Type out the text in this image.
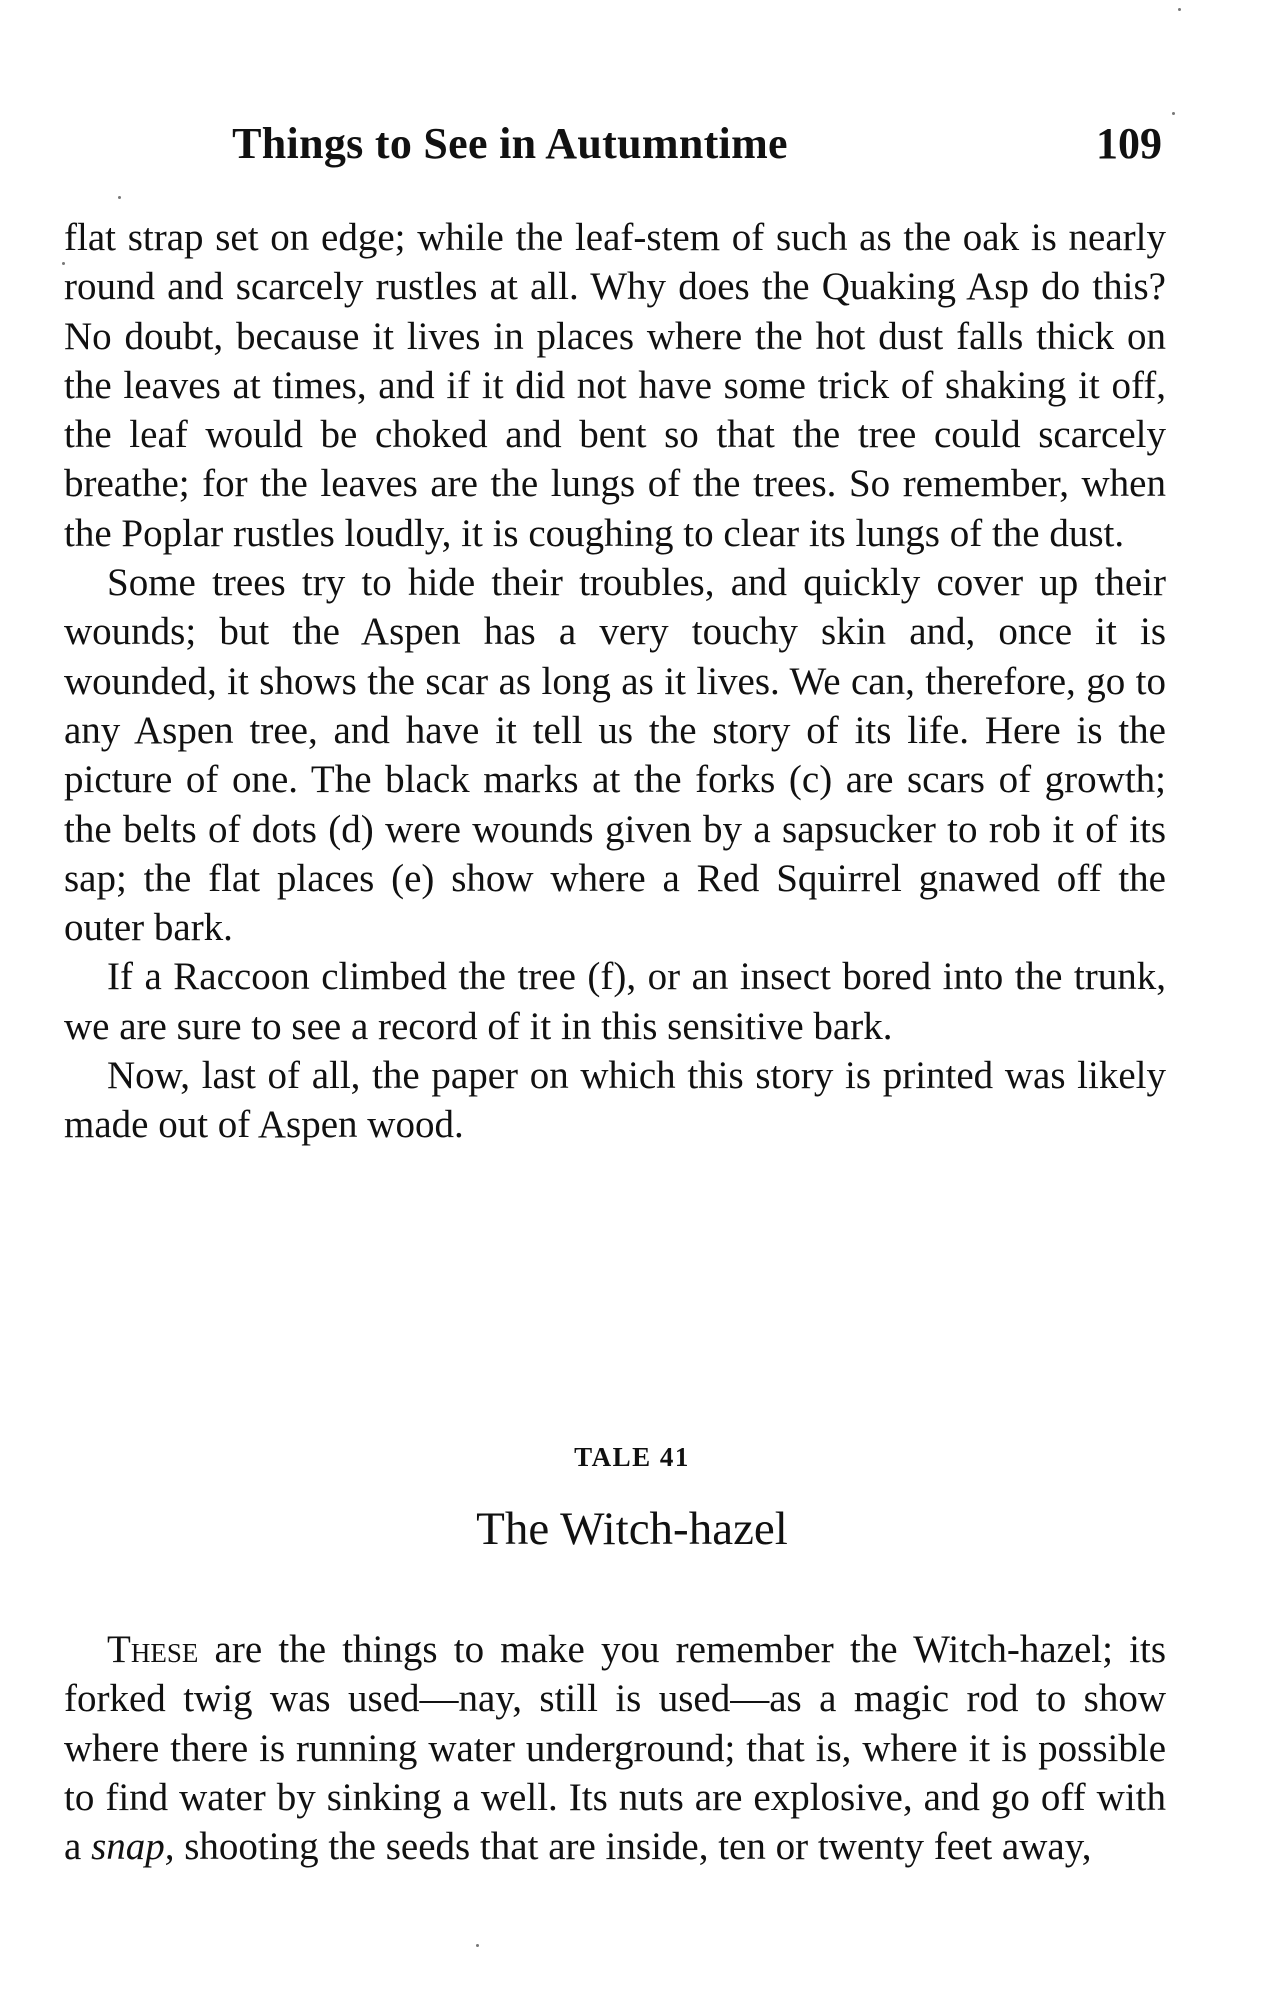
Things to See in Autumntime	109

flat strap set on edge; while the leaf-stem of such as the oak is nearly round and scarcely rustles at all. Why does the Quaking Asp do this? No doubt, because it lives in places where the hot dust falls thick on the leaves at times, and if it did not have some trick of shaking it off, the leaf would be choked and bent so that the tree could scarcely breathe; for the leaves are the lungs of the trees. So remember, when the Poplar rustles loudly, it is coughing to clear its lungs of the dust.

Some trees try to hide their troubles, and quickly cover up their wounds; but the Aspen has a very touchy skin and, once it is wounded, it shows the scar as long as it lives. We can, therefore, go to any Aspen tree, and have it tell us the story of its life. Here is the picture of one. The black marks at the forks (c) are scars of growth; the belts of dots (d) were wounds given by a sapsucker to rob it of its sap; the flat places (e) show where a Red Squirrel gnawed off the outer bark.

If a Raccoon climbed the tree (f), or an insect bored into the trunk, we are sure to see a record of it in this sensitive bark.

Now, last of all, the paper on which this story is printed was likely made out of Aspen wood.

TALE 41
The Witch-hazel

These are the things to make you remember the Witch-hazel; its forked twig was used—nay, still is used—as a magic rod to show where there is running water underground; that is, where it is possible to find water by sinking a well. Its nuts are explosive, and go off with a snap, shooting the seeds that are inside, ten or twenty feet away,
